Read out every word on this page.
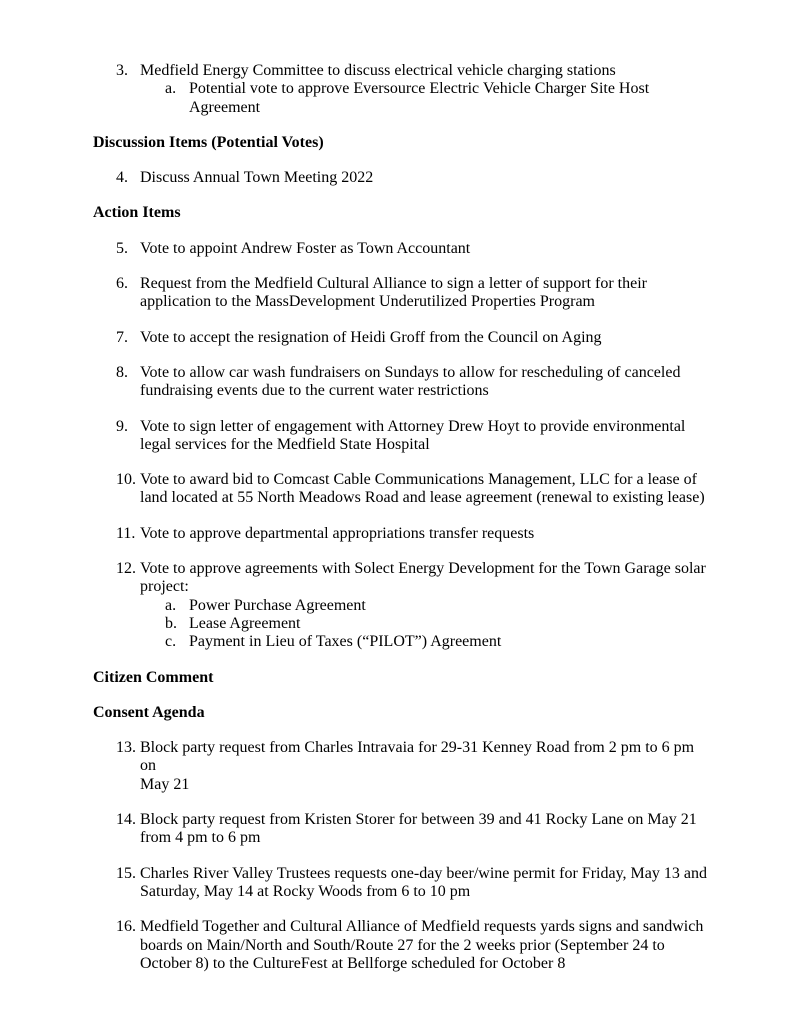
3. Medfield Energy Committee to discuss electrical vehicle charging stations
a. Potential vote to approve Eversource Electric Vehicle Charger Site Host
Agreement

Discussion Items (Potential Votes)

4. Discuss Annual Town Meeting 2022

Action Items

5. Vote to appoint Andrew Foster as Town Accountant
6. Request from the Medfield Cultural Alliance to sign a letter of support for their
application to the MassDevelopment Underutilized Properties Program
7. Vote to accept the resignation of Heidi Groff from the Council on Aging
8. Vote to allow car wash fundraisers on Sundays to allow for rescheduling of canceled
fundraising events due to the current water restrictions
9. Vote to sign letter of engagement with Attorney Drew Hoyt to provide environmental
legal services for the Medfield State Hospital
10. Vote to award bid to Comcast Cable Communications Management, LLC for a lease of
land located at 55 North Meadows Road and lease agreement (renewal to existing lease)
11. Vote to approve departmental appropriations transfer requests
12. Vote to approve agreements with Solect Energy Development for the Town Garage solar
project:
a. Power Purchase Agreement
b. Lease Agreement
c. Payment in Lieu of Taxes (“PILOT”) Agreement

Citizen Comment

Consent Agenda

13. Block party request from Charles Intravaia for 29-31 Kenney Road from 2 pm to 6 pm on
May 21
14. Block party request from Kristen Storer for between 39 and 41 Rocky Lane on May 21
from 4 pm to 6 pm
15. Charles River Valley Trustees requests one-day beer/wine permit for Friday, May 13 and
Saturday, May 14 at Rocky Woods from 6 to 10 pm
16. Medfield Together and Cultural Alliance of Medfield requests yards signs and sandwich
boards on Main/North and South/Route 27 for the 2 weeks prior (September 24 to
October 8) to the CultureFest at Bellforge scheduled for October 8
